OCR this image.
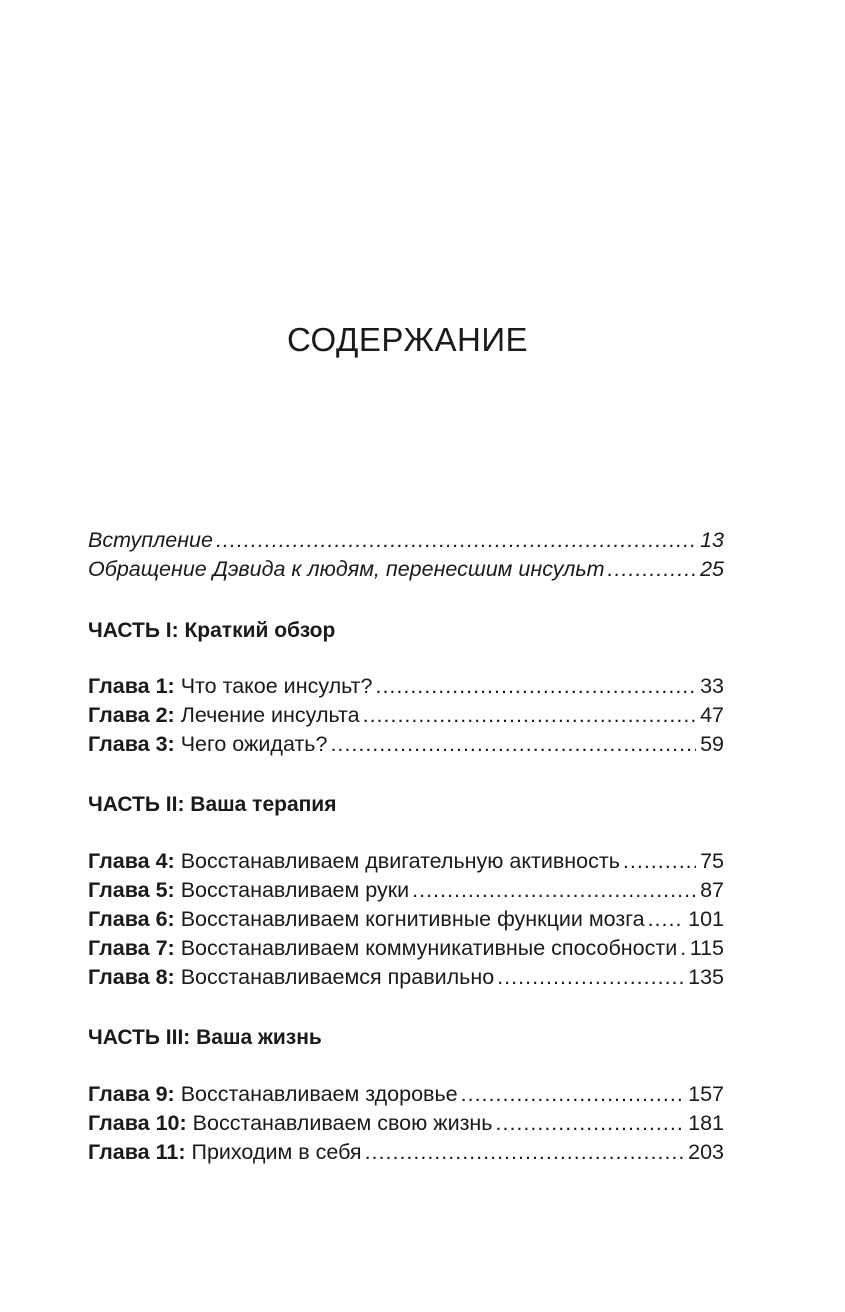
СОДЕРЖАНИЕ
Вступление .....	13
Обращение Дэвида к людям, перенесшим инсульт .....	25
ЧАСТЬ I: Краткий обзор
Глава 1: Что такое инсульт? .....	33
Глава 2: Лечение инсульта .....	47
Глава 3: Чего ожидать? .....	59
ЧАСТЬ II: Ваша терапия
Глава 4: Восстанавливаем двигательную активность .....	75
Глава 5: Восстанавливаем руки .....	87
Глава 6: Восстанавливаем когнитивные функции мозга ..... 101
Глава 7: Восстанавливаем коммуникативные способности ..... 115
Глава 8: Восстанавливаемся правильно .....	135
ЧАСТЬ III: Ваша жизнь
Глава 9: Восстанавливаем здоровье .....	157
Глава 10: Восстанавливаем свою жизнь .....	181
Глава 11: Приходим в себя .....	203
